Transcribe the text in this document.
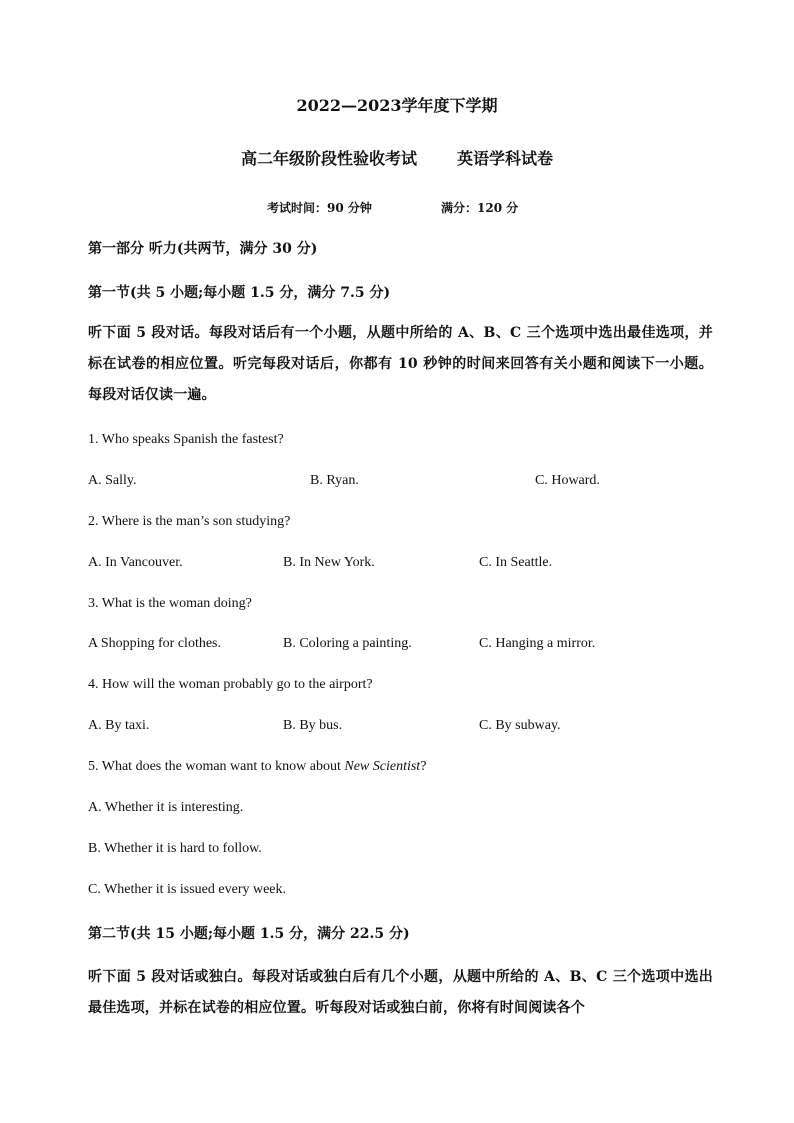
2022—2023学年度下学期
高二年级阶段性验收考试	英语学科试卷
考试时间：90 分钟	满分：120 分
第一部分 听力(共两节，满分 30 分)
第一节(共 5 小题;每小题 1.5 分，满分 7.5 分)
听下面 5 段对话。每段对话后有一个小题，从题中所给的 A、B、C 三个选项中选出最佳选项，并标在试卷的相应位置。听完每段对话后，你都有 10 秒钟的时间来回答有关小题和阅读下一小题。每段对话仅读一遍。
1. Who speaks Spanish the fastest?
A. Sally.	B. Ryan.	C. Howard.
2. Where is the man’s son studying?
A. In Vancouver.	B. In New York.	C. In Seattle.
3. What is the woman doing?
A Shopping for clothes.	B. Coloring a painting.	C. Hanging a mirror.
4. How will the woman probably go to the airport?
A. By taxi.	B. By bus.	C. By subway.
5. What does the woman want to know about New Scientist?
A. Whether it is interesting.
B. Whether it is hard to follow.
C. Whether it is issued every week.
第二节(共 15 小题;每小题 1.5 分，满分 22.5 分)
听下面 5 段对话或独白。每段对话或独白后有几个小题，从题中所给的 A、B、C 三个选项中选出最佳选项，并标在试卷的相应位置。听每段对话或独白前，你将有时间阅读各个
